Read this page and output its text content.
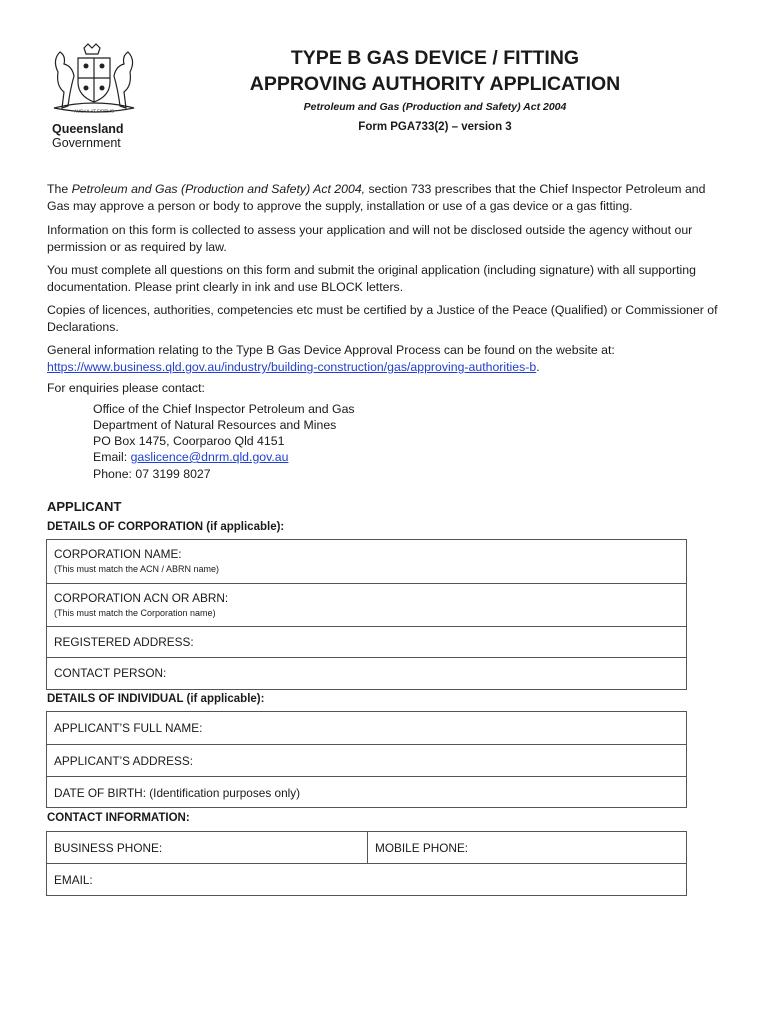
AUDAX AT FIDELIS
Queensland
Government
TYPE B GAS DEVICE / FITTING
APPROVING AUTHORITY APPLICATION
Petroleum and Gas (Production and Safety) Act 2004
Form PGA733(2) – version 3
The Petroleum and Gas (Production and Safety) Act 2004, section 733 prescribes that the Chief Inspector Petroleum and Gas may approve a person or body to approve the supply, installation or use of a gas device or a gas fitting.
Information on this form is collected to assess your application and will not be disclosed outside the agency without our permission or as required by law.
You must complete all questions on this form and submit the original application (including signature) with all supporting documentation. Please print clearly in ink and use BLOCK letters.
Copies of licences, authorities, competencies etc must be certified by a Justice of the Peace (Qualified) or Commissioner of Declarations.
General information relating to the Type B Gas Device Approval Process can be found on the website at:
https://www.business.qld.gov.au/industry/building-construction/gas/approving-authorities-b.
For enquiries please contact:
Office of the Chief Inspector Petroleum and Gas
Department of Natural Resources and Mines
PO Box 1475, Coorparoo Qld 4151
Email: gaslicence@dnrm.qld.gov.au
Phone: 07 3199 8027
APPLICANT
DETAILS OF CORPORATION (if applicable):
CORPORATION NAME:
(This must match the ACN / ABRN name)
CORPORATION ACN OR ABRN:
(This must match the Corporation name)
REGISTERED ADDRESS:
CONTACT PERSON:
DETAILS OF INDIVIDUAL (if applicable):
APPLICANT’S FULL NAME:
APPLICANT’S ADDRESS:
DATE OF BIRTH: (Identification purposes only)
CONTACT INFORMATION:
BUSINESS PHONE:	MOBILE PHONE:
EMAIL:
